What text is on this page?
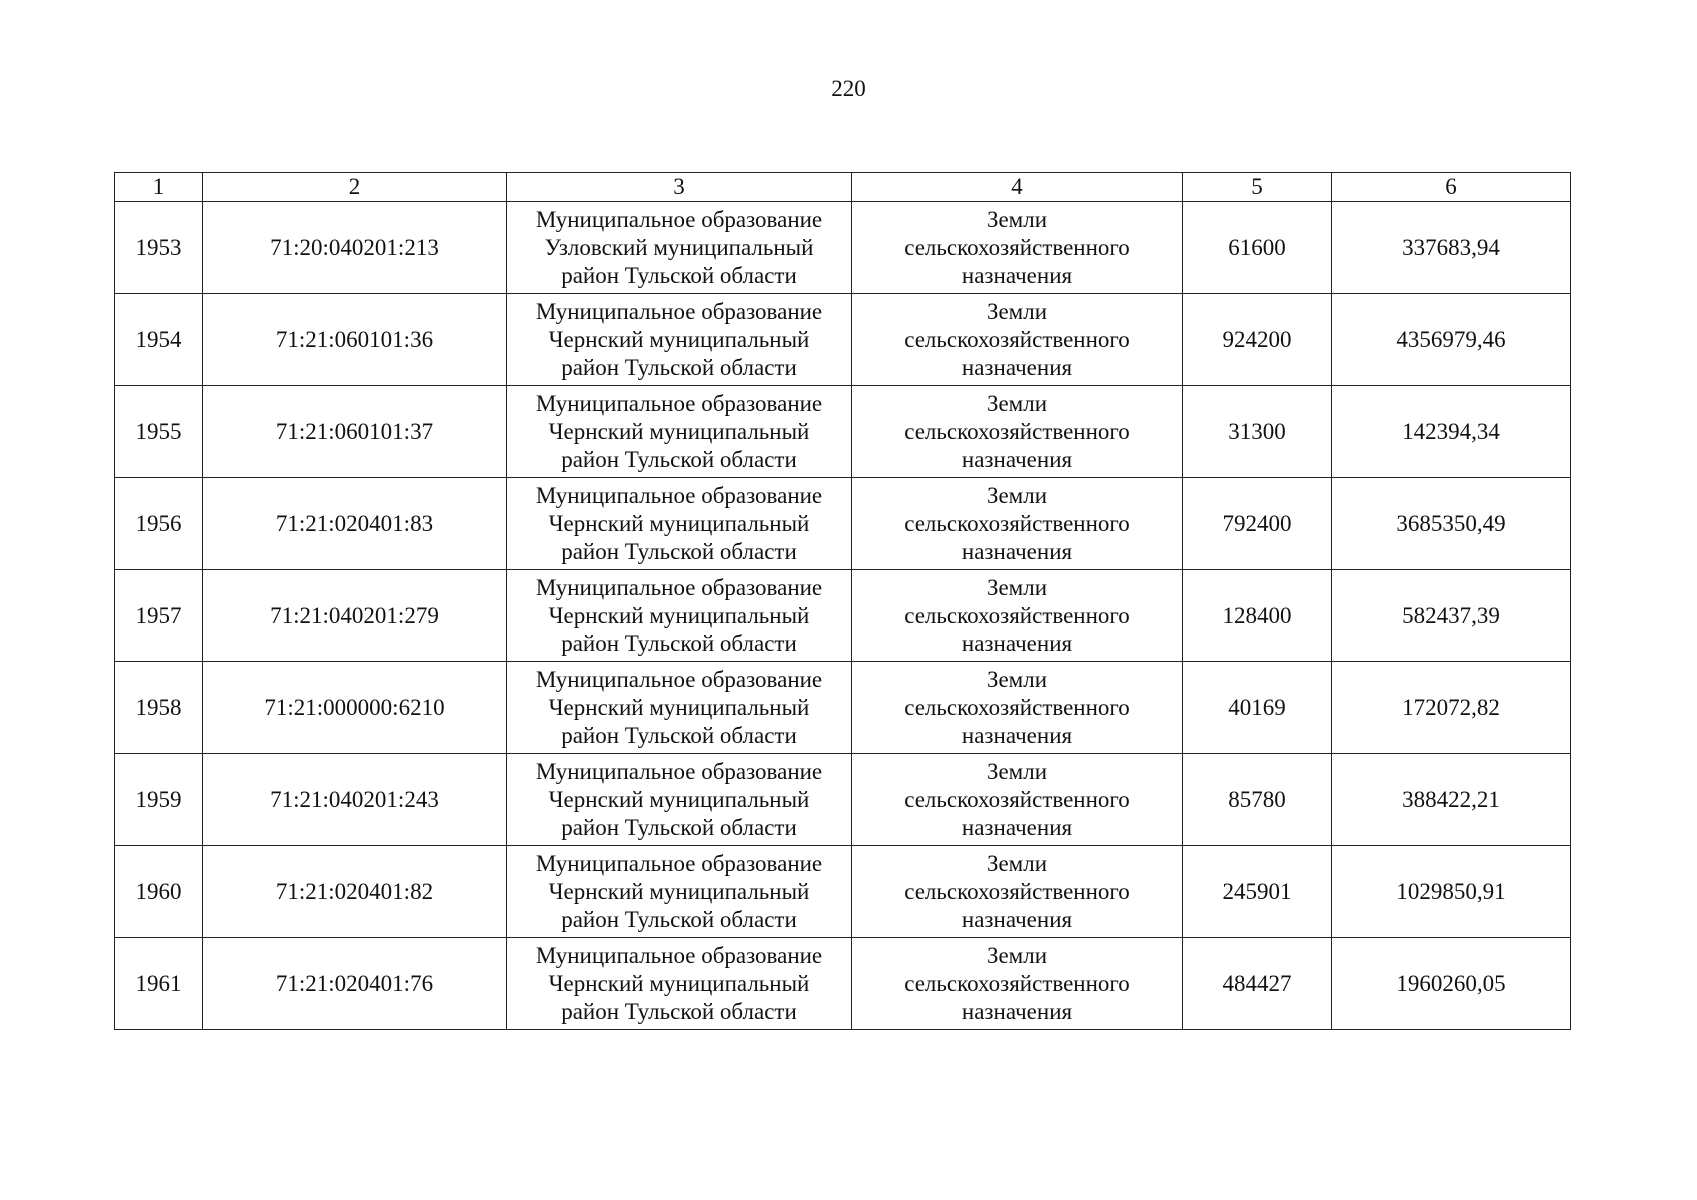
220
1	2	3	4	5	6
1953	71:20:040201:213	Муниципальное образование
Узловский муниципальный
район Тульской области	Земли
сельскохозяйственного
назначения	61600	337683,94
1954	71:21:060101:36	Муниципальное образование
Чернский муниципальный
район Тульской области	Земли
сельскохозяйственного
назначения	924200	4356979,46
1955	71:21:060101:37	Муниципальное образование
Чернский муниципальный
район Тульской области	Земли
сельскохозяйственного
назначения	31300	142394,34
1956	71:21:020401:83	Муниципальное образование
Чернский муниципальный
район Тульской области	Земли
сельскохозяйственного
назначения	792400	3685350,49
1957	71:21:040201:279	Муниципальное образование
Чернский муниципальный
район Тульской области	Земли
сельскохозяйственного
назначения	128400	582437,39
1958	71:21:000000:6210	Муниципальное образование
Чернский муниципальный
район Тульской области	Земли
сельскохозяйственного
назначения	40169	172072,82
1959	71:21:040201:243	Муниципальное образование
Чернский муниципальный
район Тульской области	Земли
сельскохозяйственного
назначения	85780	388422,21
1960	71:21:020401:82	Муниципальное образование
Чернский муниципальный
район Тульской области	Земли
сельскохозяйственного
назначения	245901	1029850,91
1961	71:21:020401:76	Муниципальное образование
Чернский муниципальный
район Тульской области	Земли
сельскохозяйственного
назначения	484427	1960260,05
